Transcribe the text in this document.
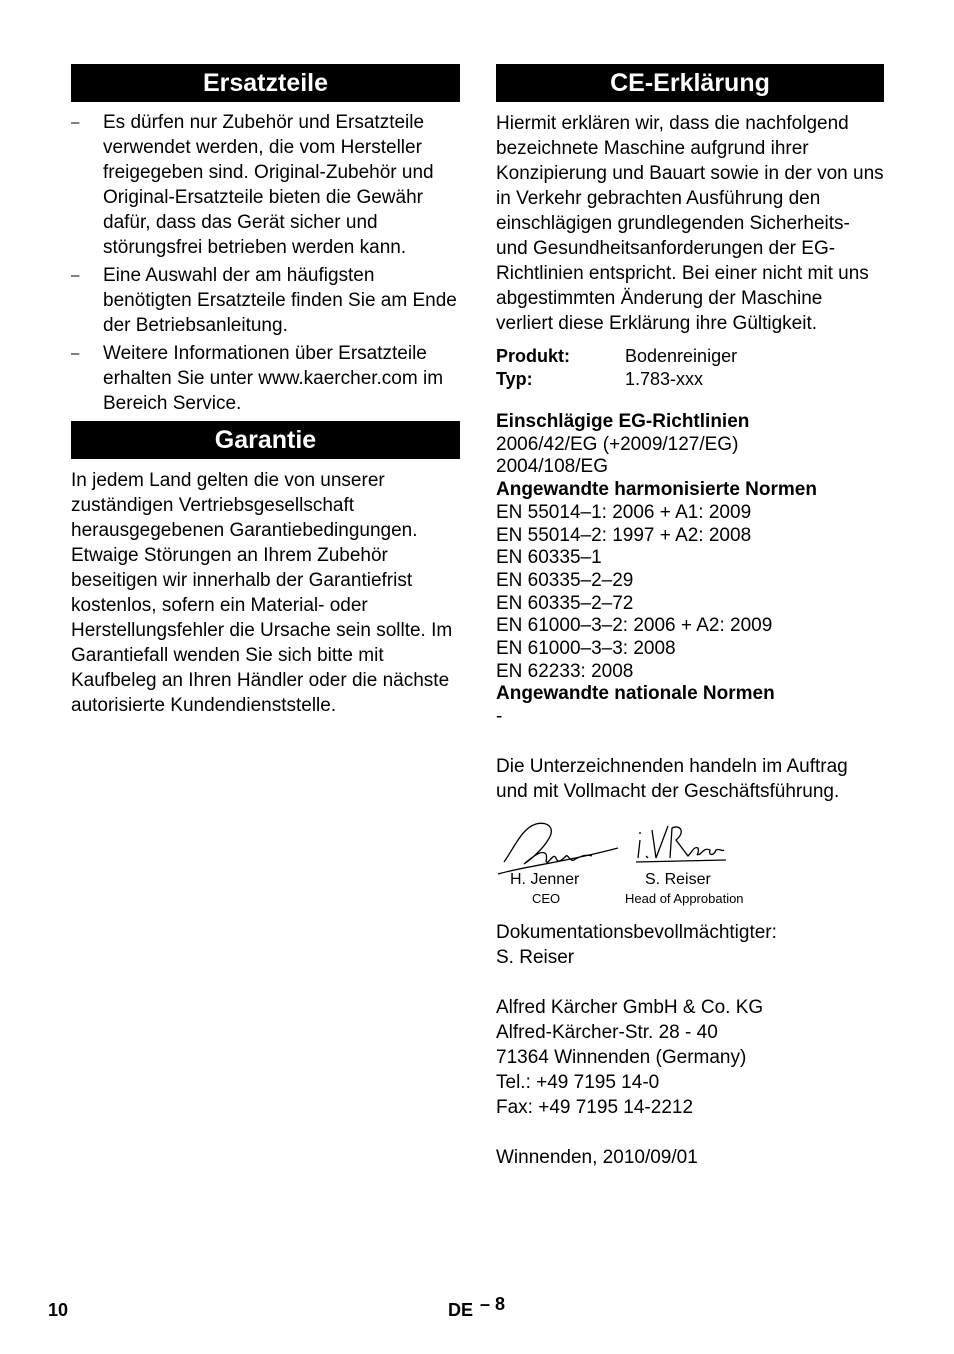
Ersatzteile
–	Es dürfen nur Zubehör und Ersatzteile verwendet werden, die vom Hersteller freigegeben sind. Original-Zubehör und Original-Ersatzteile bieten die Gewähr dafür, dass das Gerät sicher und störungsfrei betrieben werden kann.
–	Eine Auswahl der am häufigsten benötigten Ersatzteile finden Sie am Ende der Betriebsanleitung.
–	Weitere Informationen über Ersatzteile erhalten Sie unter www.kaercher.com im Bereich Service.
Garantie

In jedem Land gelten die von unserer zuständigen Vertriebsgesellschaft herausgegebenen Garantiebedingungen. Etwaige Störungen an Ihrem Zubehör beseitigen wir innerhalb der Garantiefrist kostenlos, sofern ein Material- oder Herstellungsfehler die Ursache sein sollte. Im Garantiefall wenden Sie sich bitte mit Kaufbeleg an Ihren Händler oder die nächste autorisierte Kundendienststelle.

CE-Erklärung

Hiermit erklären wir, dass die nachfolgend bezeichnete Maschine aufgrund ihrer Konzipierung und Bauart sowie in der von uns in Verkehr gebrachten Ausführung den einschlägigen grundlegenden Sicherheits- und Gesundheitsanforderungen der EG-Richtlinien entspricht. Bei einer nicht mit uns abgestimmten Änderung der Maschine verliert diese Erklärung ihre Gültigkeit.

Produkt:	Bodenreiniger
Typ:	1.783-xxx
Einschlägige EG-Richtlinien
2006/42/EG (+2009/127/EG)
2004/108/EG
Angewandte harmonisierte Normen
EN 55014–1: 2006 + A1: 2009
EN 55014–2: 1997 + A2: 2008
EN 60335–1
EN 60335–2–29
EN 60335–2–72
EN 61000–3–2: 2006 + A2: 2009
EN 61000–3–3: 2008
EN 62233: 2008
Angewandte nationale Normen
-

Die Unterzeichnenden handeln im Auftrag und mit Vollmacht der Geschäftsführung.

H. Jenner
CEO
S. Reiser
Head of Approbation
Dokumentationsbevollmächtigter:
S. Reiser
Alfred Kärcher GmbH & Co. KG
Alfred-Kärcher-Str. 28 - 40
71364 Winnenden (Germany)
Tel.: +49 7195 14-0
Fax: +49 7195 14-2212
Winnenden, 2010/09/01
10	DE – 8
